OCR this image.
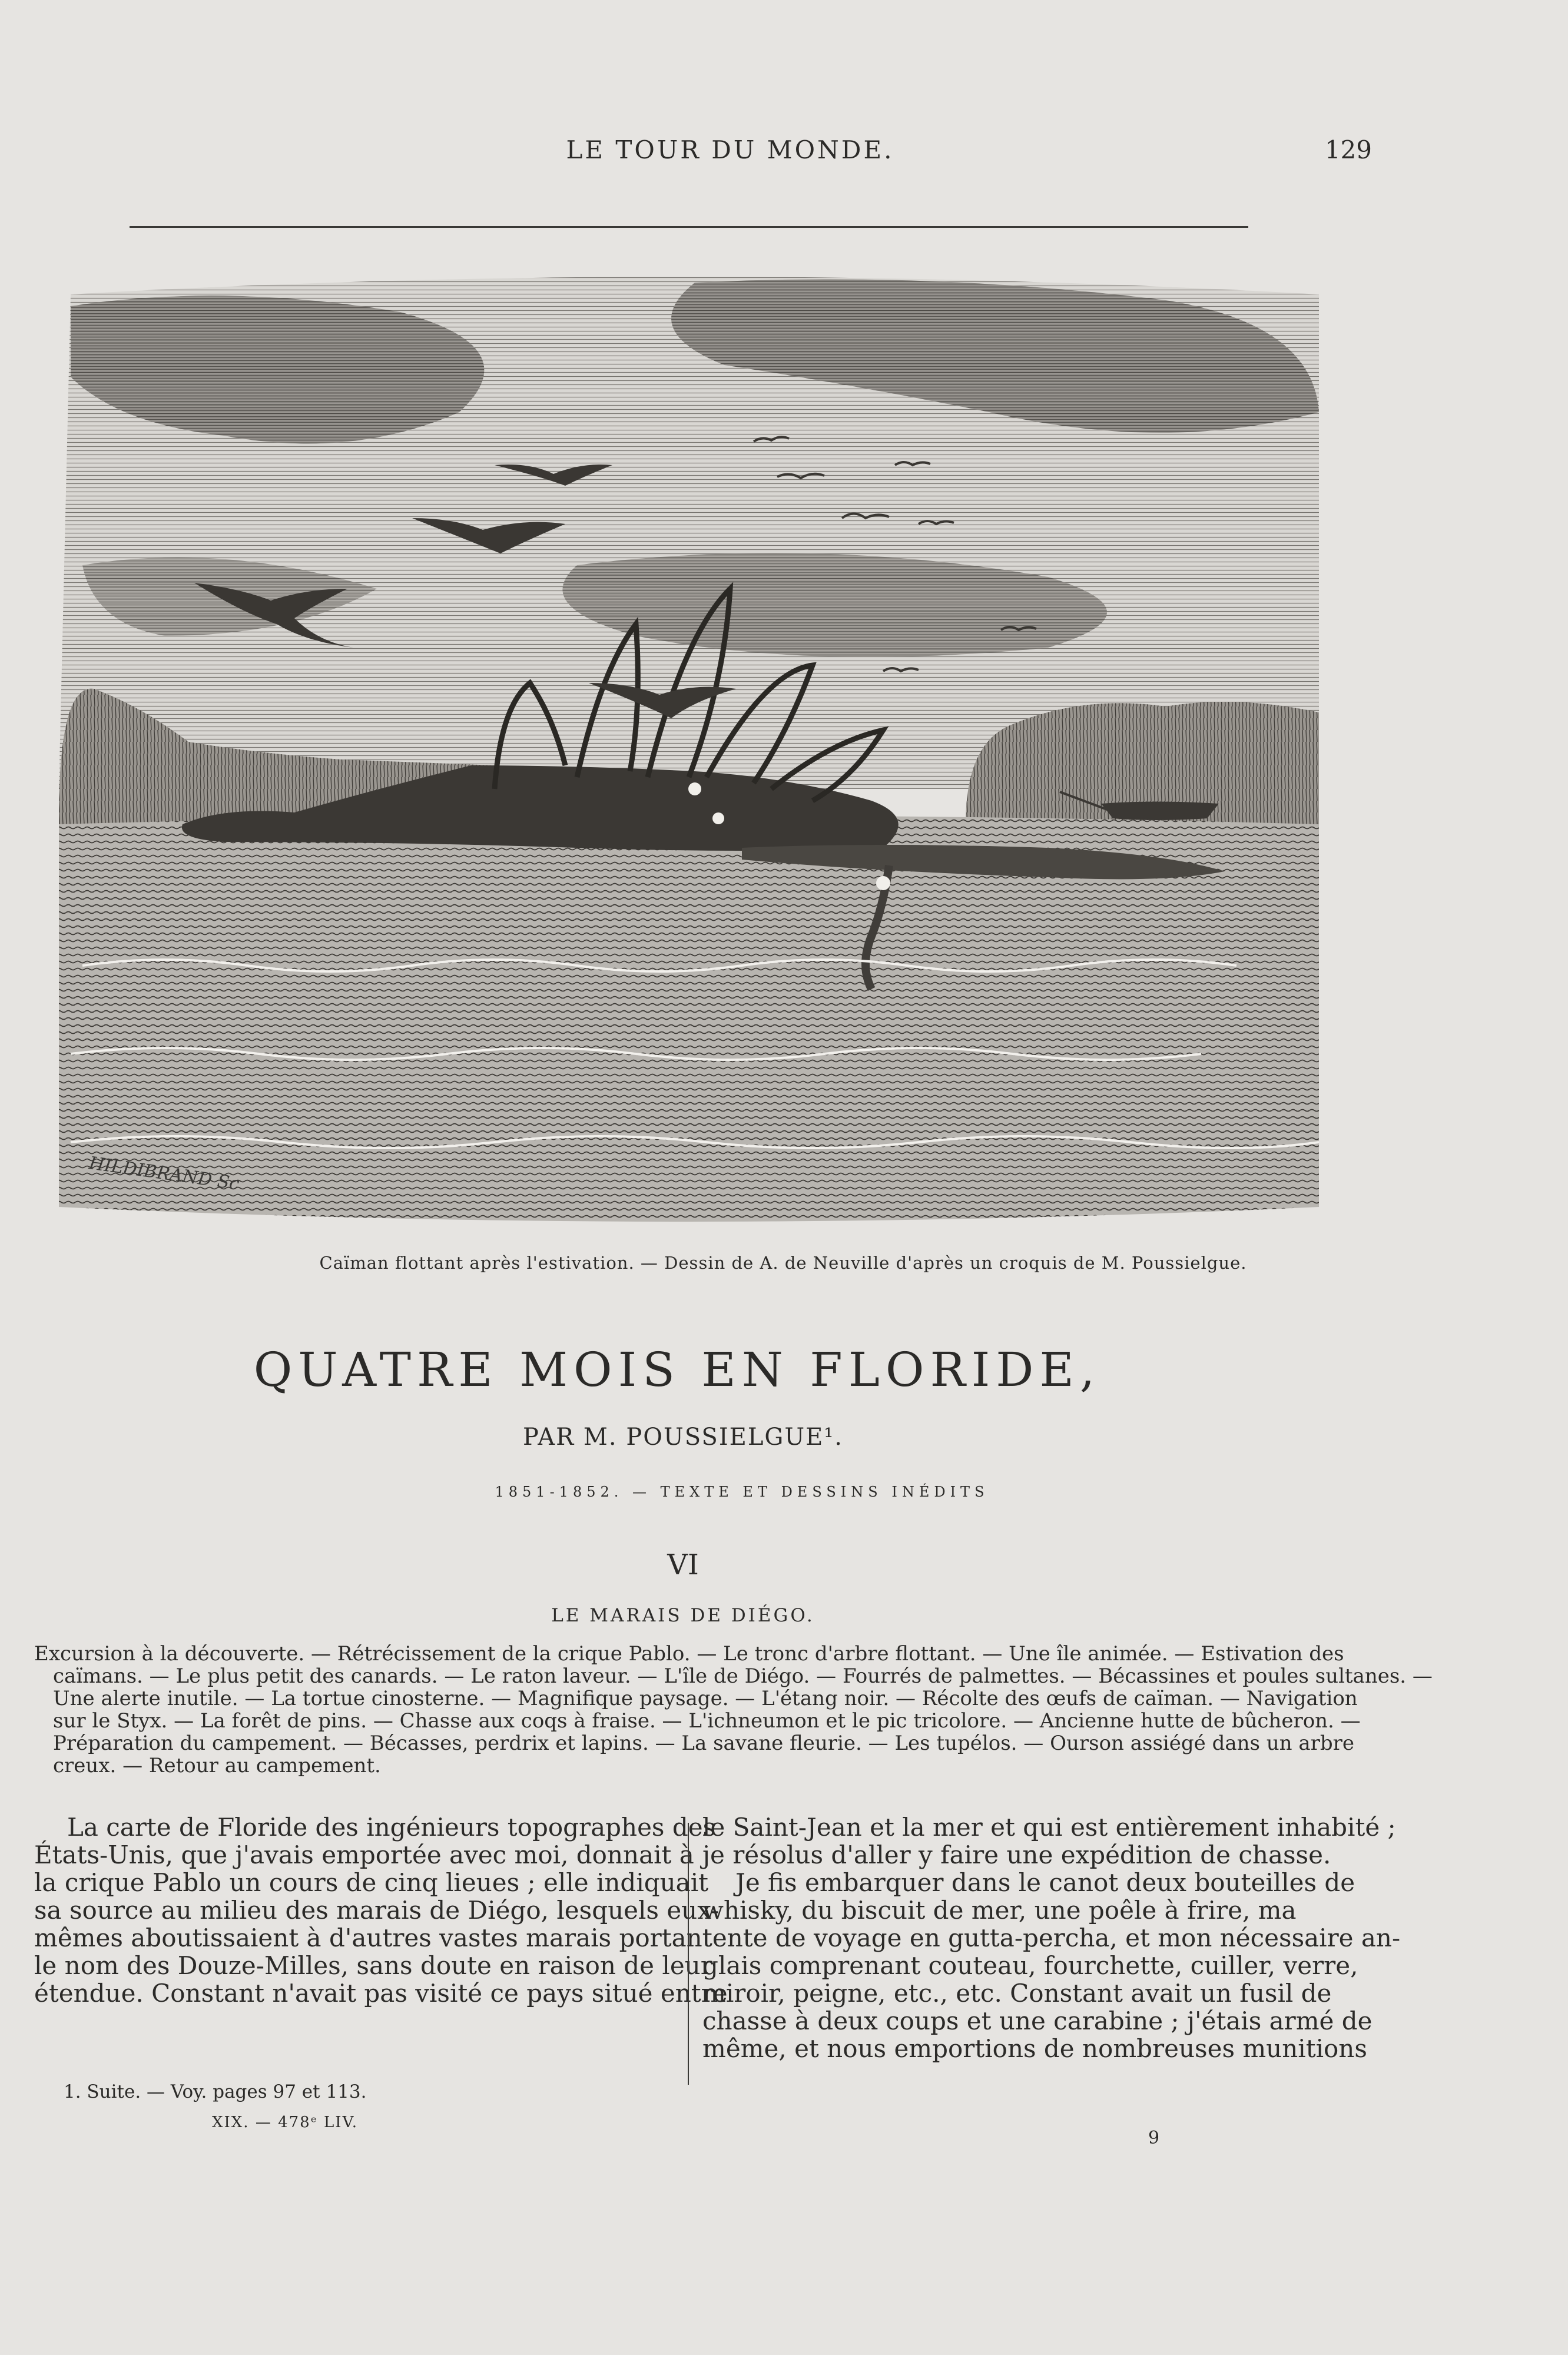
LE TOUR DU MONDE.	129
HILDIBRAND Sc
Caïman flottant après l'estivation. — Dessin de A. de Neuville d'après un croquis de M. Poussielgue.
QUATRE MOIS EN FLORIDE,
PAR M. POUSSIELGUE¹.
1851-1852. — TEXTE ET DESSINS INÉDITS
VI
LE MARAIS DE DIÉGO.
Excursion à la découverte. — Rétrécissement de la crique Pablo. — Le tronc d'arbre flottant. — Une île animée. — Estivation des
caïmans. — Le plus petit des canards. — Le raton laveur. — L'île de Diégo. — Fourrés de palmettes. — Bécassines et poules sultanes. —
Une alerte inutile. — La tortue cinosterne. — Magnifique paysage. — L'étang noir. — Récolte des œufs de caïman. — Navigation
sur le Styx. — La forêt de pins. — Chasse aux coqs à fraise. — L'ichneumon et le pic tricolore. — Ancienne hutte de bûcheron. —
Préparation du campement. — Bécasses, perdrix et lapins. — La savane fleurie. — Les tupélos. — Ourson assiégé dans un arbre
creux. — Retour au campement.
La carte de Floride des ingénieurs topographes des
États-Unis, que j'avais emportée avec moi, donnait à
la crique Pablo un cours de cinq lieues ; elle indiquait
sa source au milieu des marais de Diégo, lesquels eux-
mêmes aboutissaient à d'autres vastes marais portant
le nom des Douze-Milles, sans doute en raison de leur
étendue. Constant n'avait pas visité ce pays situé entre
le Saint-Jean et la mer et qui est entièrement inhabité ;
je résolus d'aller y faire une expédition de chasse.
Je fis embarquer dans le canot deux bouteilles de
whisky, du biscuit de mer, une poêle à frire, ma
tente de voyage en gutta-percha, et mon nécessaire an-
glais comprenant couteau, fourchette, cuiller, verre,
miroir, peigne, etc., etc. Constant avait un fusil de
chasse à deux coups et une carabine ; j'étais armé de
même, et nous emportions de nombreuses munitions
1. Suite. — Voy. pages 97 et 113.
XIX. — 478ᵉ LIV.
9
